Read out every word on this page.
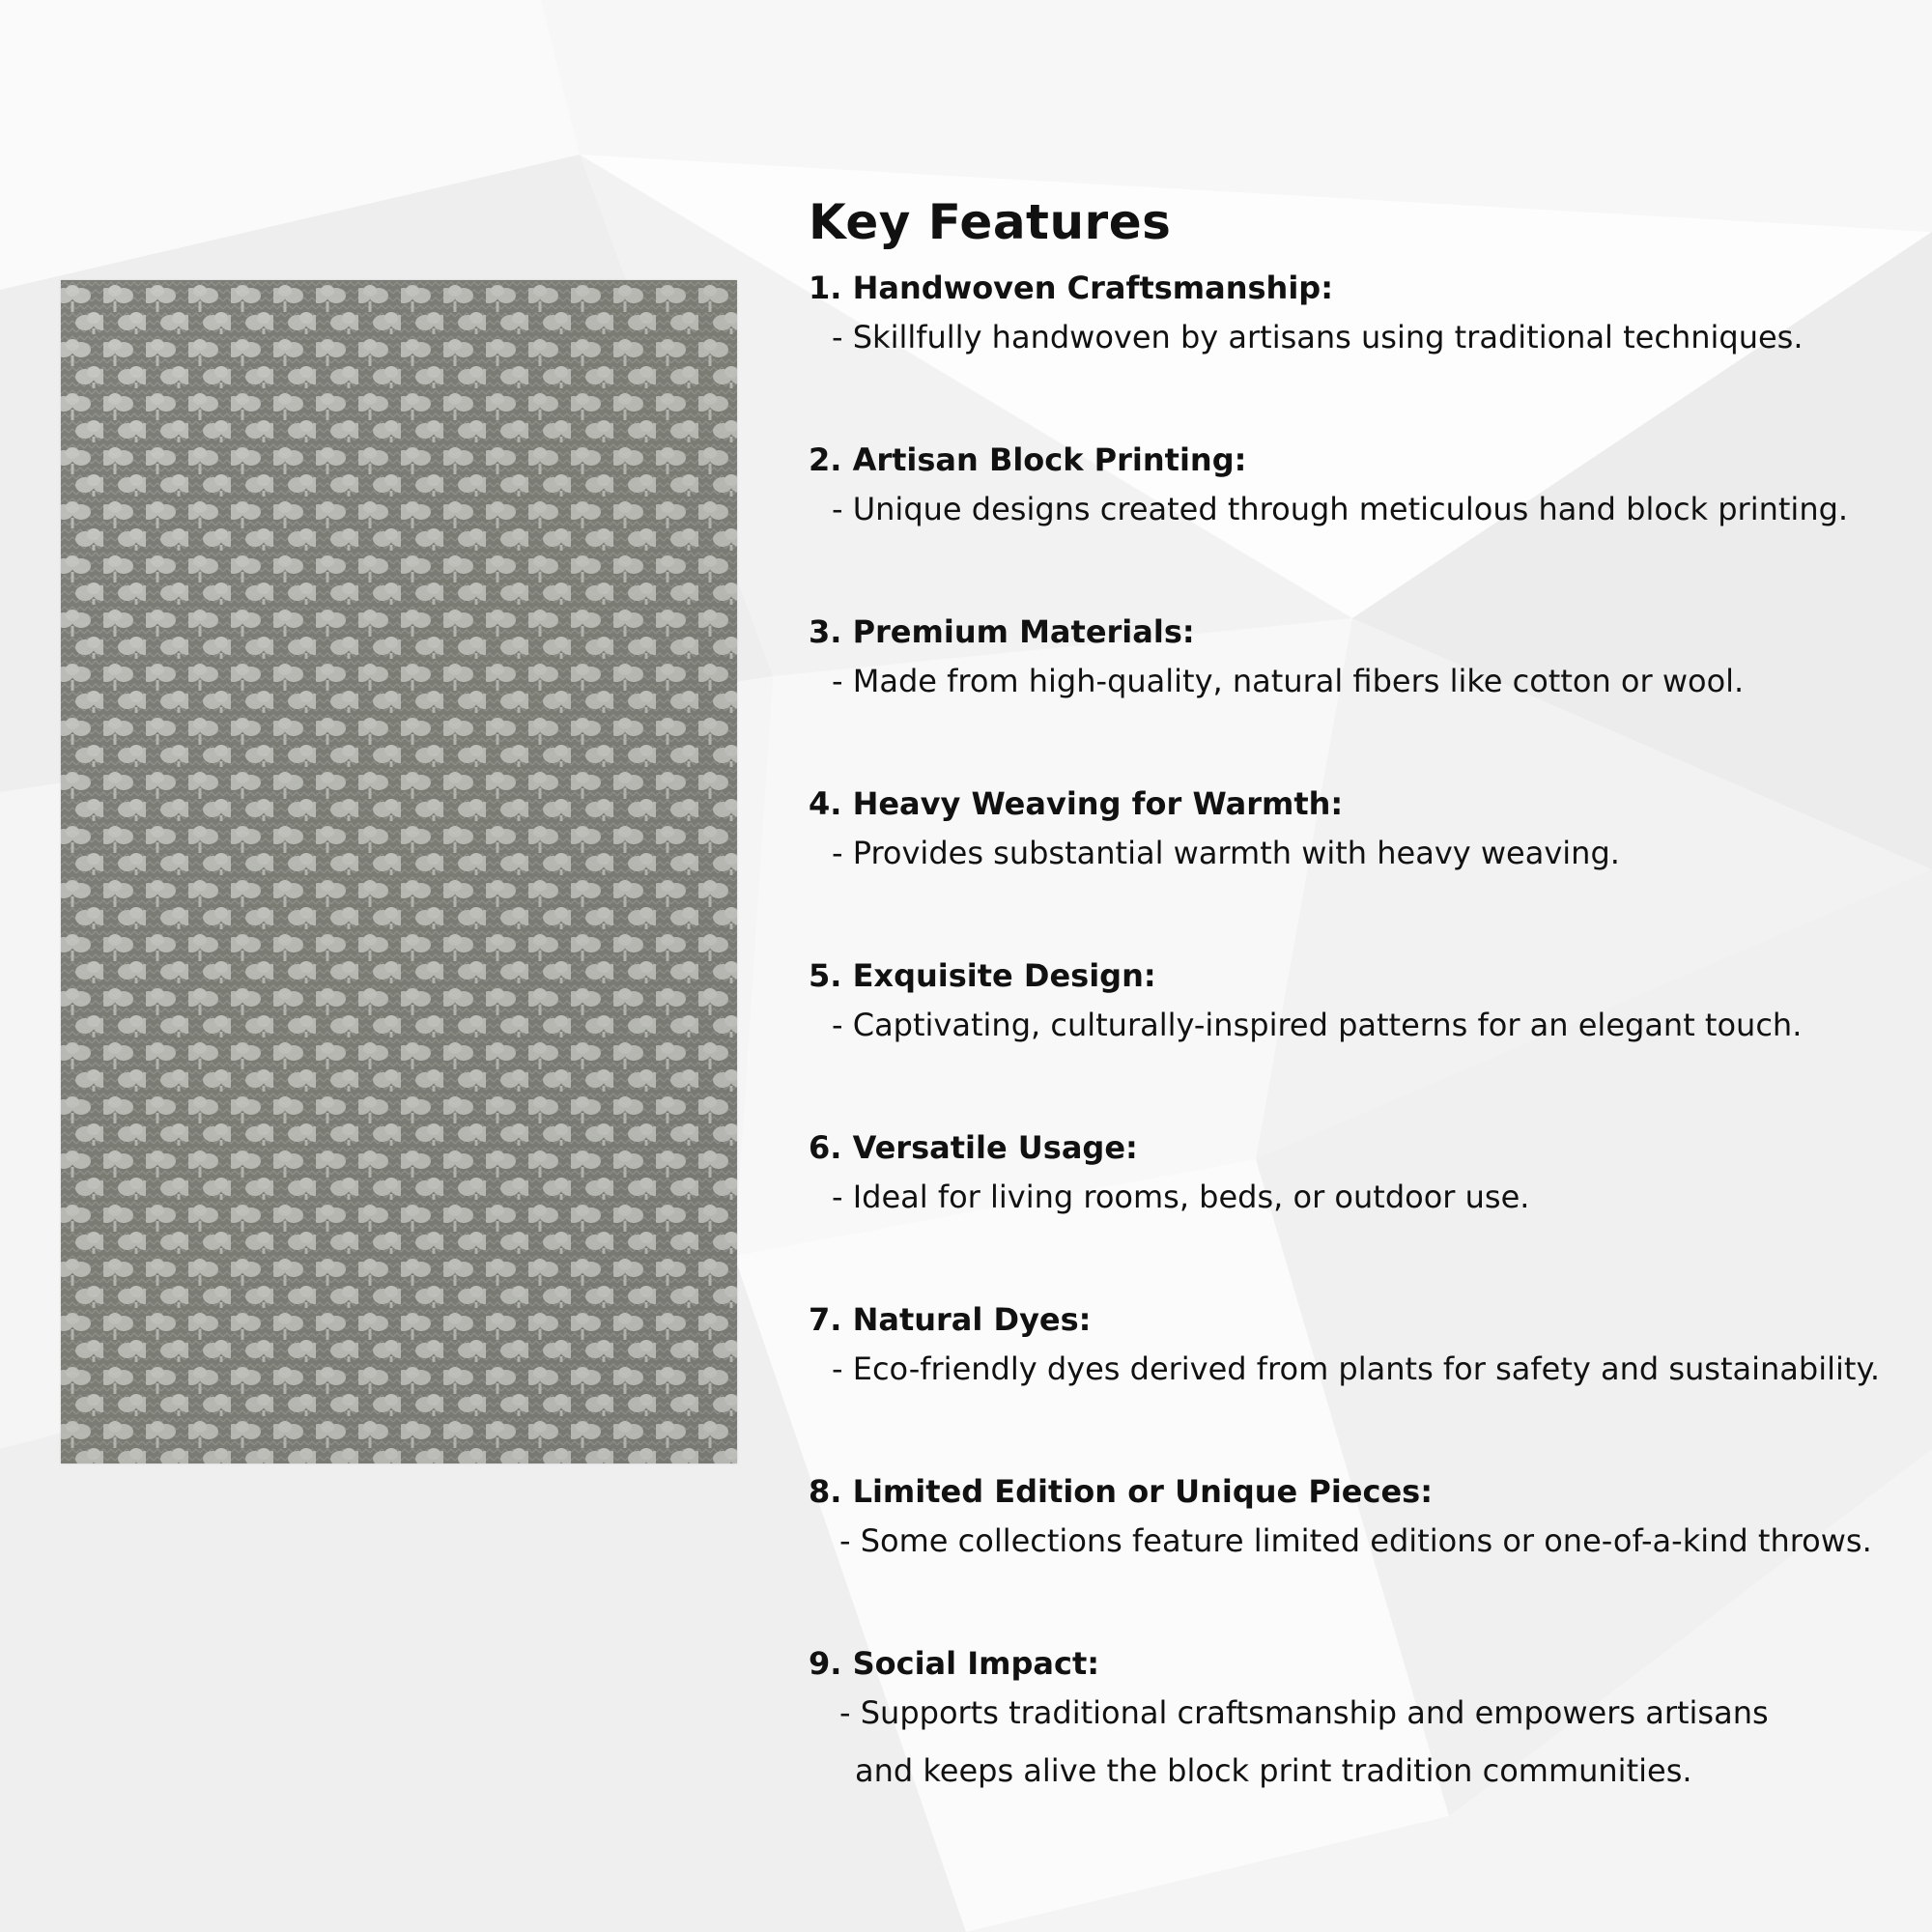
Key Features
1. Handwoven Craftsmanship:
- Skillfully handwoven by artisans using traditional techniques.
2. Artisan Block Printing:
- Unique designs created through meticulous hand block printing.
3. Premium Materials:
- Made from high-quality, natural fibers like cotton or wool.
4. Heavy Weaving for Warmth:
- Provides substantial warmth with heavy weaving.
5. Exquisite Design:
- Captivating, culturally-inspired patterns for an elegant touch.
6. Versatile Usage:
- Ideal for living rooms, beds, or outdoor use.
7. Natural Dyes:
- Eco-friendly dyes derived from plants for safety and sustainability.
8. Limited Edition or Unique Pieces:
- Some collections feature limited editions or one-of-a-kind throws.
9. Social Impact:
- Supports traditional craftsmanship and empowers artisans
and keeps alive the block print tradition communities.
